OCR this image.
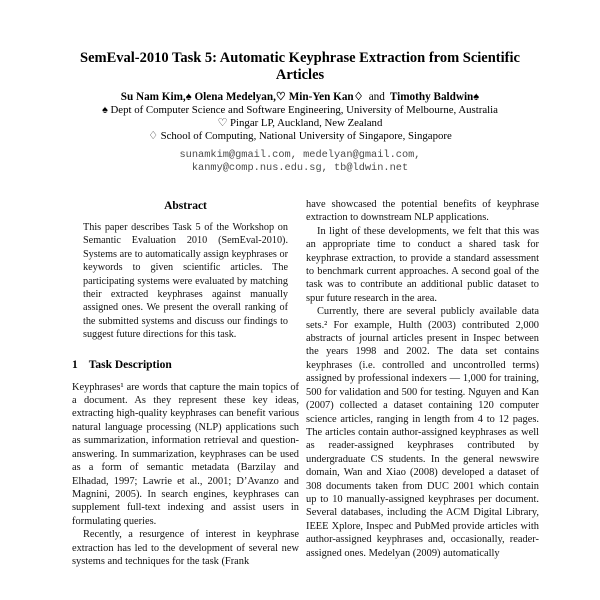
SemEval-2010 Task 5: Automatic Keyphrase Extraction from Scientific Articles
Su Nam Kim,♠ Olena Medelyan,♡ Min-Yen Kan♢ and Timothy Baldwin♠
♠ Dept of Computer Science and Software Engineering, University of Melbourne, Australia
♡ Pingar LP, Auckland, New Zealand
♢ School of Computing, National University of Singapore, Singapore
sunamkim@gmail.com, medelyan@gmail.com,
kanmy@comp.nus.edu.sg, tb@ldwin.net
Abstract

This paper describes Task 5 of the Workshop on Semantic Evaluation 2010 (SemEval-2010). Systems are to automatically assign keyphrases or keywords to given scientific articles. The participating systems were evaluated by matching their extracted keyphrases against manually assigned ones. We present the overall ranking of the submitted systems and discuss our findings to suggest future directions for this task.

1 Task Description

Keyphrases¹ are words that capture the main topics of a document. As they represent these key ideas, extracting high-quality keyphrases can benefit various natural language processing (NLP) applications such as summarization, information retrieval and question-answering. In summarization, keyphrases can be used as a form of semantic metadata (Barzilay and Elhadad, 1997; Lawrie et al., 2001; D’Avanzo and Magnini, 2005). In search engines, keyphrases can supplement full-text indexing and assist users in formulating queries.

Recently, a resurgence of interest in keyphrase extraction has led to the development of several new systems and techniques for the task (Frank

have showcased the potential benefits of keyphrase extraction to downstream NLP applications.

In light of these developments, we felt that this was an appropriate time to conduct a shared task for keyphrase extraction, to provide a standard assessment to benchmark current approaches. A second goal of the task was to contribute an additional public dataset to spur future research in the area.

Currently, there are several publicly available data sets.² For example, Hulth (2003) contributed 2,000 abstracts of journal articles present in Inspec between the years 1998 and 2002. The data set contains keyphrases (i.e. controlled and uncontrolled terms) assigned by professional indexers — 1,000 for training, 500 for validation and 500 for testing. Nguyen and Kan (2007) collected a dataset containing 120 computer science articles, ranging in length from 4 to 12 pages. The articles contain author-assigned keyphrases as well as reader-assigned keyphrases contributed by undergraduate CS students. In the general newswire domain, Wan and Xiao (2008) developed a dataset of 308 documents taken from DUC 2001 which contain up to 10 manually-assigned keyphrases per document. Several databases, including the ACM Digital Library, IEEE Xplore, Inspec and PubMed provide articles with author-assigned keyphrases and, occasionally, reader-assigned ones. Medelyan (2009) automatically
